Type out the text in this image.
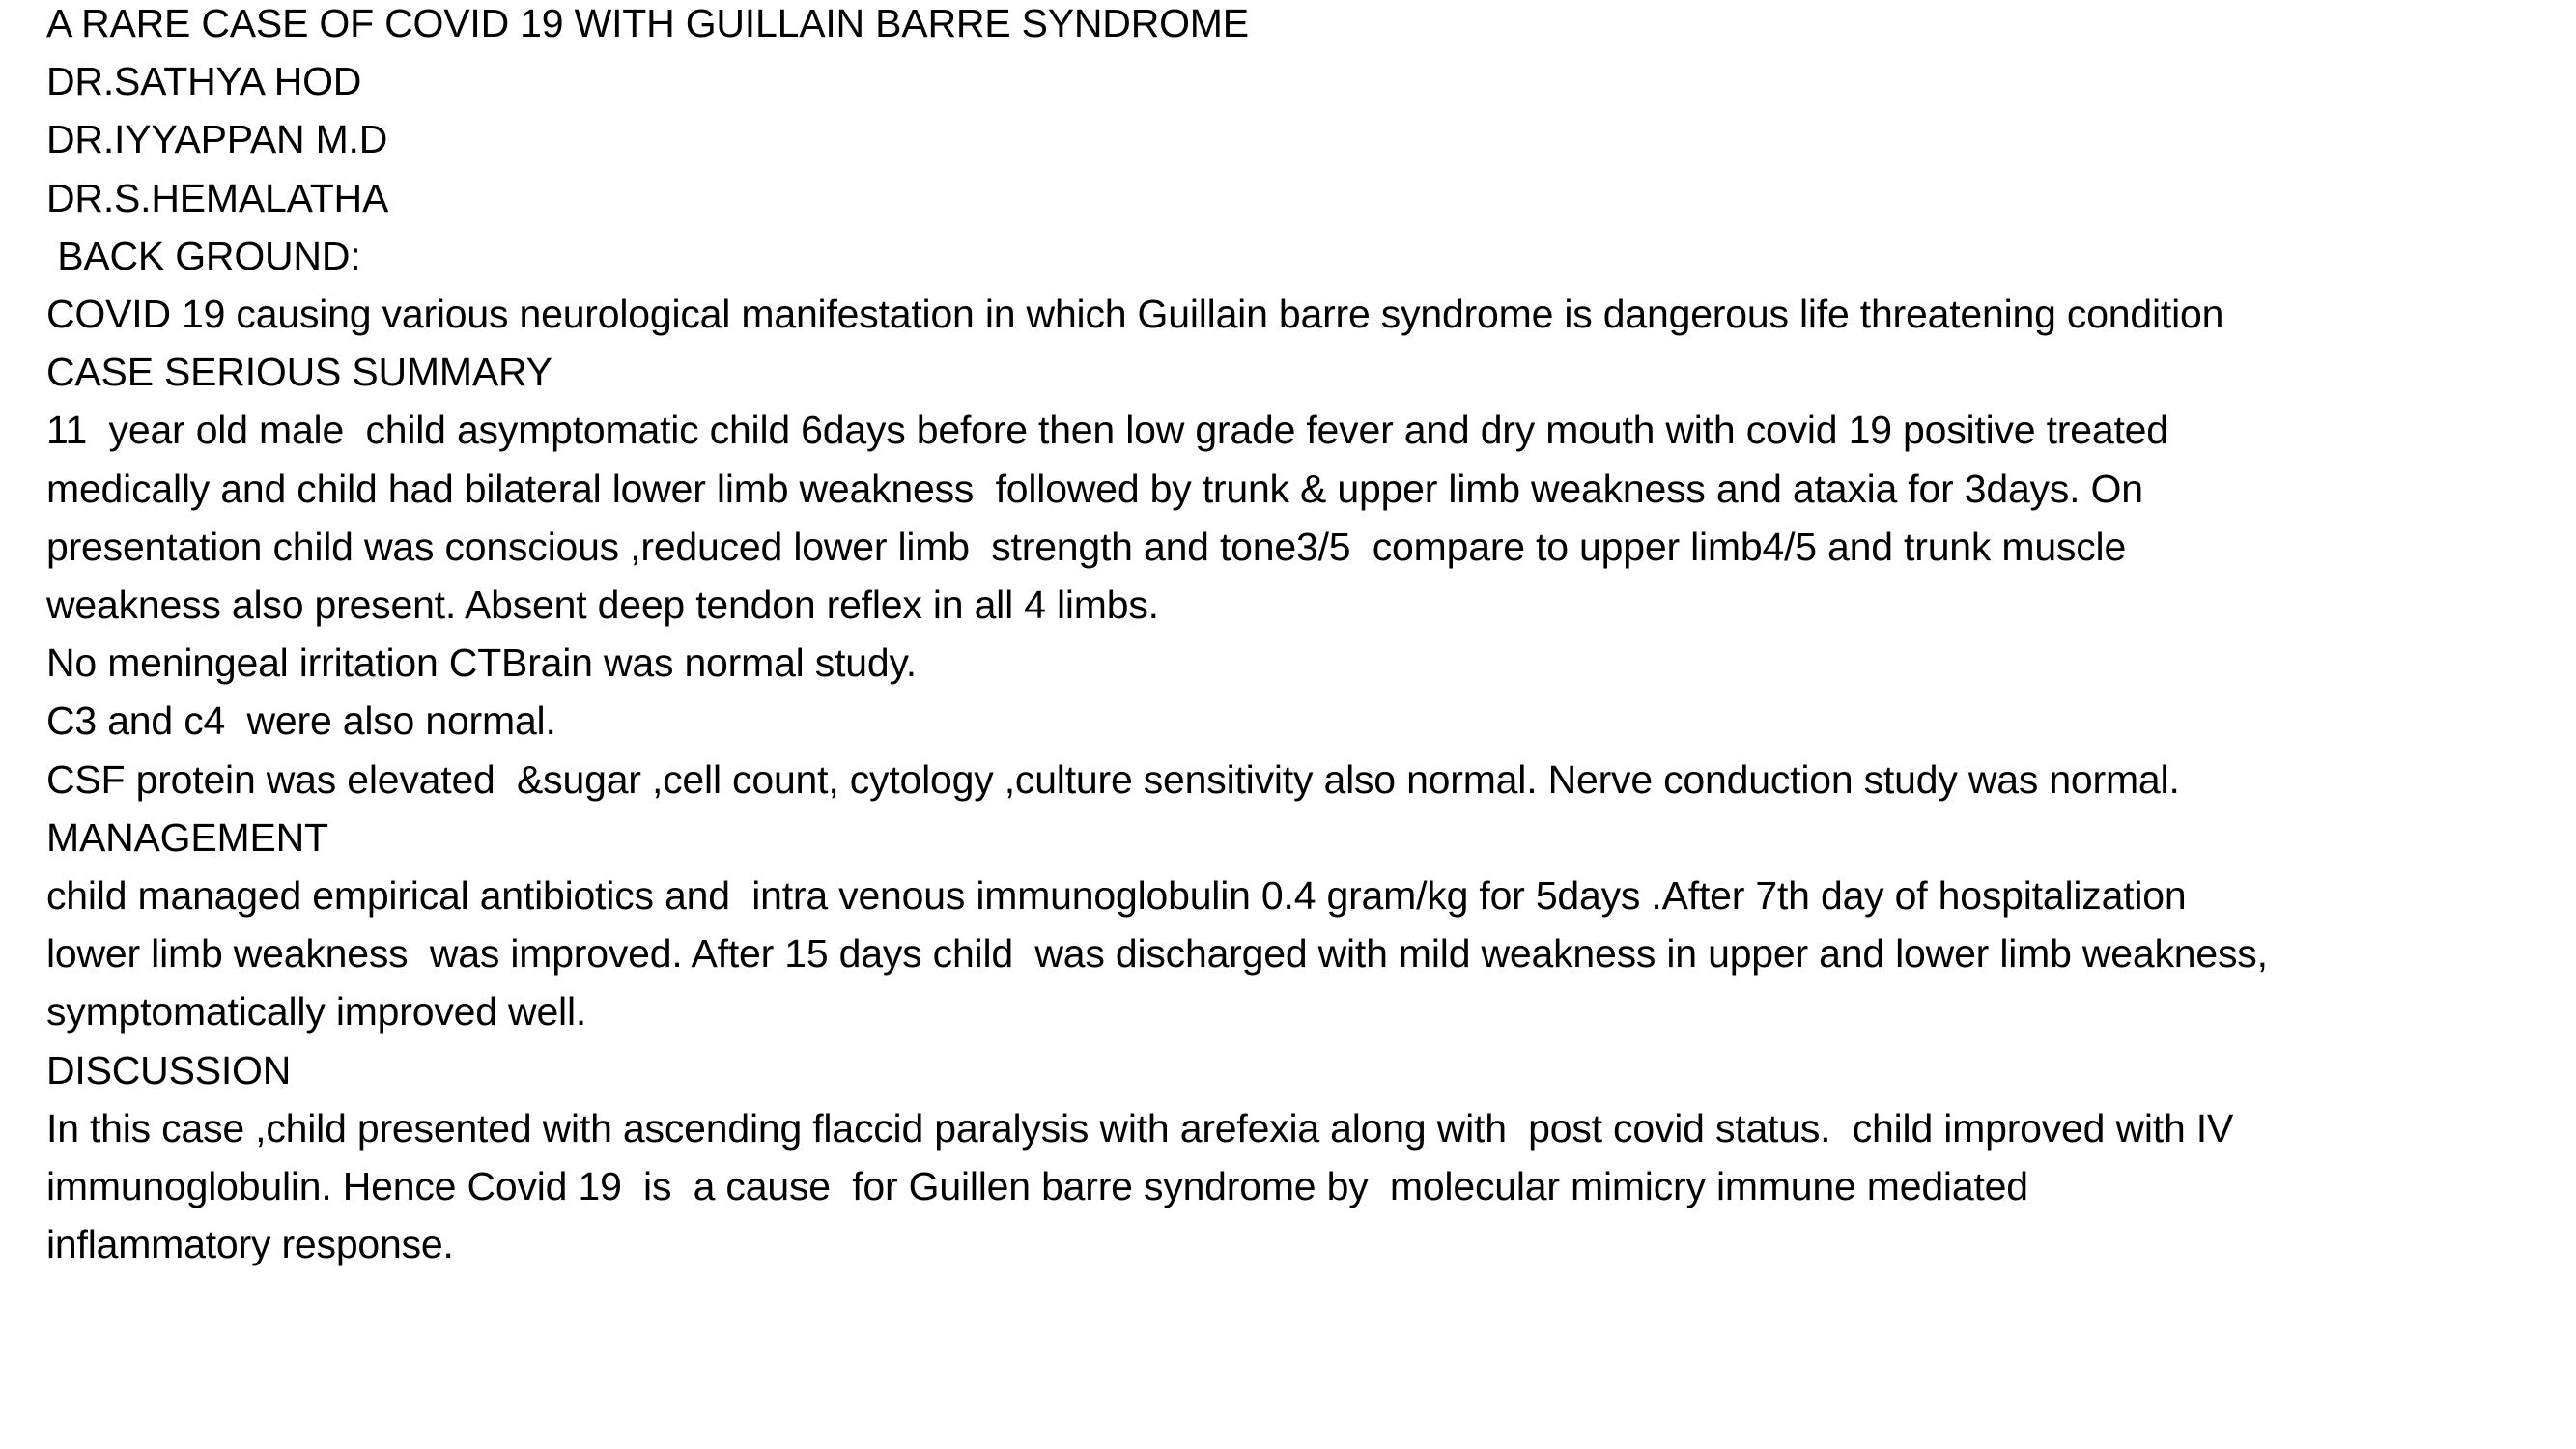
A RARE CASE OF COVID 19 WITH GUILLAIN BARRE SYNDROME
DR.SATHYA HOD
DR.IYYAPPAN M.D
DR.S.HEMALATHA
BACK GROUND:
COVID 19 causing various neurological manifestation in which Guillain barre syndrome is dangerous life threatening condition
CASE SERIOUS SUMMARY
11  year old male  child asymptomatic child 6days before then low grade fever and dry mouth with covid 19 positive treated
medically and child had bilateral lower limb weakness  followed by trunk & upper limb weakness and ataxia for 3days. On
presentation child was conscious ,reduced lower limb  strength and tone3/5  compare to upper limb4/5 and trunk muscle
weakness also present. Absent deep tendon reflex in all 4 limbs.
No meningeal irritation CTBrain was normal study.
C3 and c4  were also normal.
CSF protein was elevated  &sugar ,cell count, cytology ,culture sensitivity also normal. Nerve conduction study was normal.
MANAGEMENT
child managed empirical antibiotics and  intra venous immunoglobulin 0.4 gram/kg for 5days .After 7th day of hospitalization
lower limb weakness  was improved. After 15 days child  was discharged with mild weakness in upper and lower limb weakness,
symptomatically improved well.
DISCUSSION
In this case ,child presented with ascending flaccid paralysis with arefexia along with  post covid status.  child improved with IV
immunoglobulin. Hence Covid 19  is  a cause  for Guillen barre syndrome by  molecular mimicry immune mediated
inflammatory response.
